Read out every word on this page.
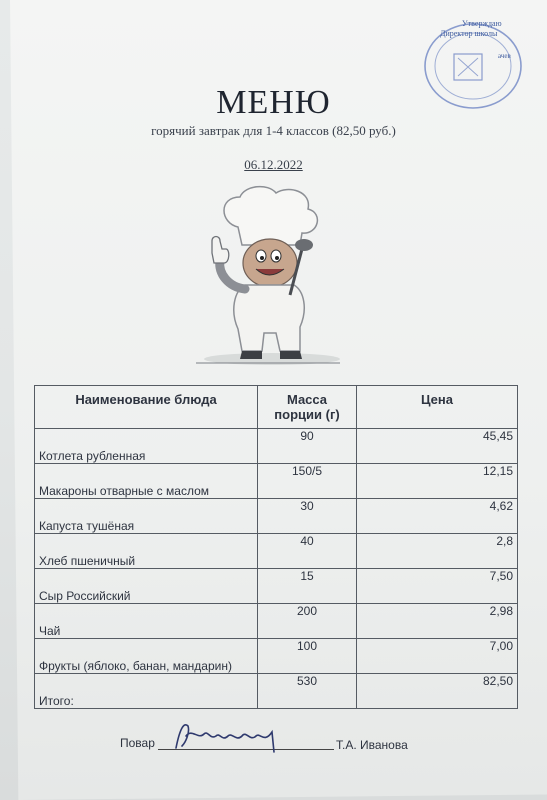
Утверждаю
Директор школы
ачев
МЕНЮ
горячий завтрак для 1-4 классов (82,50 руб.)
06.12.2022
Наименование блюда	Масса порции (г)	Цена
Котлета рубленная	90	45,45
Макароны отварные с маслом	150/5	12,15
Капуста тушёная	30	4,62
Хлеб пшеничный	40	2,8
Сыр Российский	15	7,50
Чай	200	2,98
Фрукты (яблоко, банан, мандарин)	100	7,00
Итого:	530	82,50
Повар	Т.А. Иванова
